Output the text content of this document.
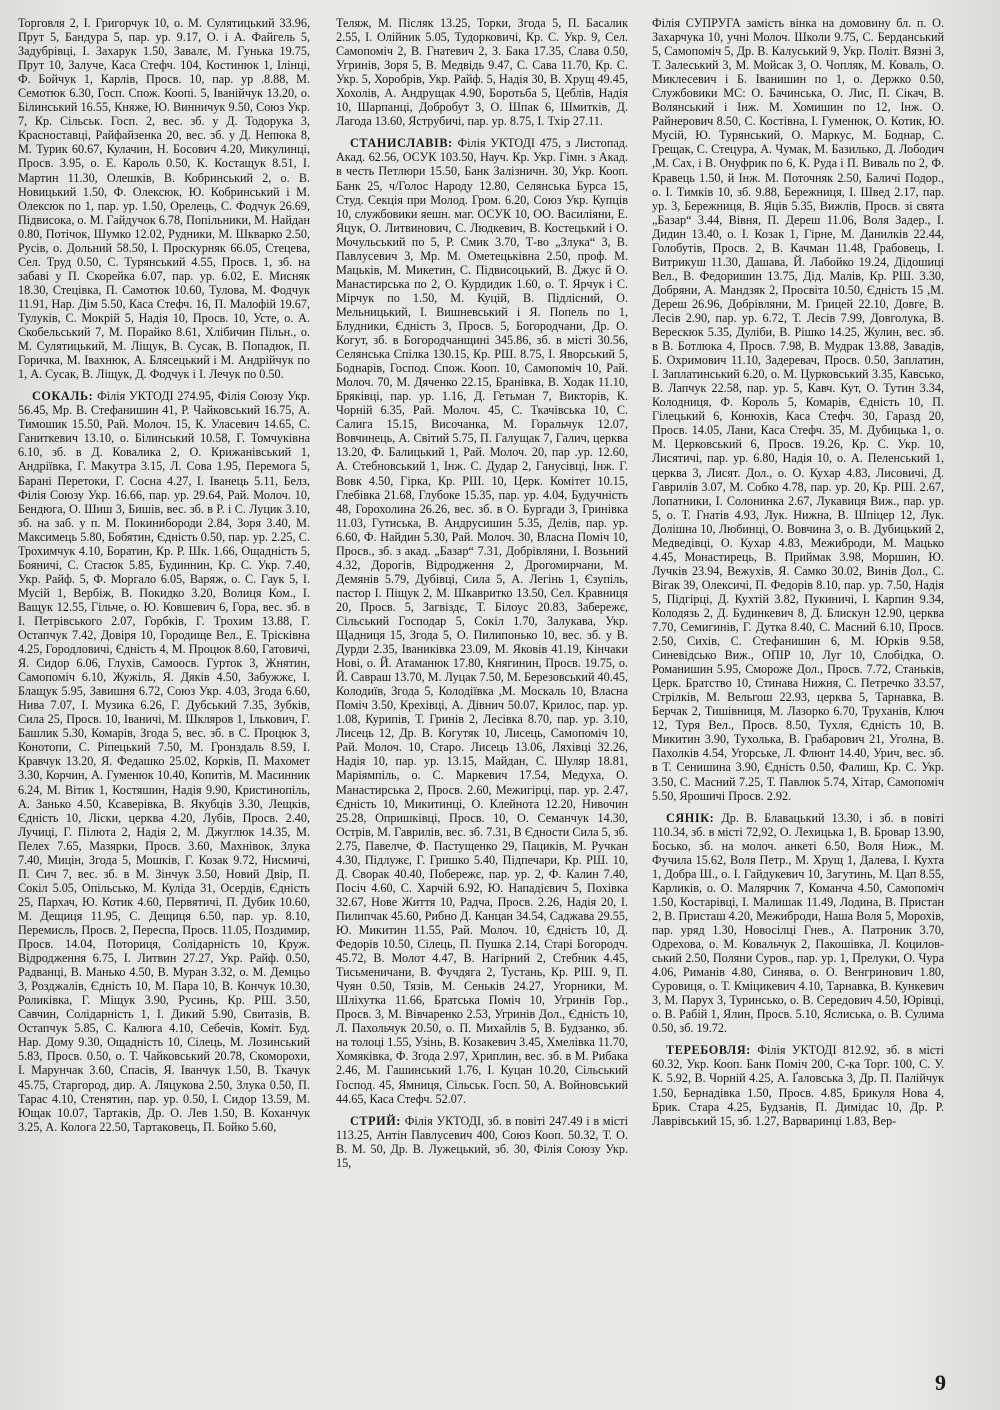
Торговля 2, І. Григорчук 10, о. М. Сулятицький 33.96, Прут 5, Бандура 5, пар. ур. 9.17, О. і А. Файгель 5, Задубрівці, І. Захарук 1.50, Завалє, М. Гунька 19.75, Прут 10, Залуче, Каса Стефч. 104, Костинюк 1, Ілінці, Ф. Бойчук 1, Карлів, Просв. 10, пар. ур .8.88, М. Семотюк 6.30, Госп. Спож. Коопі. 5, Іванійчук 13.20, о. Білинський 16.55, Княже, Ю. Винничук 9.50, Союз Укр. 7, Кр. Сільськ. Госп. 2, вес. зб. у Д. Тодорука 3, Красноставці, Райфайзенка 20, вес. зб. у Д. Непюка 8, М. Турик 60.67, Кулачин, Н. Босович 4.20, Микулинці, Просв. 3.95, о. Е. Кароль 0.50, К. Костащук 8.51, І. Мартин 11.30, Олешків, В. Кобринський 2, о. В. Новицький 1.50, Ф. Олексюк, Ю. Кобринський і М. Олексюк по 1, пар. ур. 1.50, Орелець, С. Фодчук 26.69, Підвисока, о. М. Гайдучок 6.78, Попільники, М. Найдан 0.80, Потічок, Шумко 12.02, Рудники, М. Шкварко 2.50, Русів, о. Дольний 58.50, І. Проскурняк 66.05, Стецева, Сел. Труд 0.50, С. Турянський 4.55, Просв. 1, зб. на забаві у П. Скорейка 6.07, пар. ур. 6.02, Е. Мисняк 18.30, Стецівка, П. Самотюк 10.60, Тулова, М. Фодчук 11.91, Нар. Дім 5.50, Каса Стефч. 16, П. Малофій 19.67, Тулуків, С. Мокрій 5, Надія 10, Просв. 10, Усте, о. А. Скобельський 7, М. Порайко 8.61, Хлібичин Пільн., о. М. Сулятицький, М. Ліщук, В. Сусак, В. Попадюк, П. Горичка, М. Івахнюк, А. Блясецький і М. Андрійчук по 1, А. Сусак, В. Ліщук, Д. Фодчук і І. Лечук по 0.50.

СОКАЛЬ: Філія УКТОДІ 274.95, Філія Союзу Укр. 56.45, Мр. В. Стефанишин 41, Р. Чайковський 16.75, А. Тимошик 15.50, Рай. Молоч. 15, К. Уласевич 14.65, С. Ганиткевич 13.10, о. Білинський 10.58, Г. Томчуківна 6.10, зб. в Д. Ковалика 2, О. Крижанівський 1, Андріївка, Г. Макутра 3.15, Л. Сова 1.95, Перемога 5, Барані Перетоки, Г. Сосна 4.27, І. Іванець 5.11, Белз, Філія Союзу Укр. 16.66, пар. ур. 29.64, Рай. Молоч. 10, Бендюга, О. Шиш 3, Бишів, вес. зб. в Р. і С. Луцик 3.10, зб. на заб. у п. М. Покинибороди 2.84, Зоря 3.40, М. Максимець 5.80, Бобятин, Єдність 0.50, пар. ур. 2.25, С. Трохимчук 4.10, Боратин, Кр. Р. Шк. 1.66, Ощадність 5, Бояничі, С. Стасюк 5.85, Будиннин, Кр. С. Укр. 7.40, Укр. Райф. 5, Ф. Моргало 6.05, Варяж, о. С. Гаук 5, І. Мусій 1, Вербіж, В. Покидко 3.20, Волиця Ком., І. Ващук 12.55, Гільче, о. Ю. Ковшевич 6, Гора, вес. зб. в І. Петрівського 2.07, Горбків, Г. Трохим 13.88, Г. Остапчук 7.42, Довіря 10, Городище Вел., Е. Трісківна 4.25, Городловичі, Єдність 4, М. Процюк 8.60, Гатовичі, Я. Сидор 6.06, Глухів, Самоосв. Гурток 3, Жнятин, Самопоміч 6.10, Жужіль, Я. Дяків 4.50, Забужжє, І. Блащук 5.95, Завишня 6.72, Союз Укр. 4.03, Згода 6.60, Нива 7.07, І. Музика 6.26, Г. Дубський 7.35, Зубків, Сила 25, Просв. 10, Іваничі, М. Шкляров 1, Ількович, Г. Башлик 5.30, Комарів, Згода 5, вес. зб. в С. Процюк 3, Конотопи, С. Ріпецький 7.50, М. Гронздаль 8.59, І. Кравчук 13.20, Я. Федашко 25.02, Корків, П. Махомет 3.30, Корчин, А. Гуменюк 10.40, Копитів, М. Масинник 6.24, М. Вітик 1, Костяшин, Надія 9.90, Кристинопіль, А. Занько 4.50, Ксаверівка, В. Якубців 3.30, Лещків, Єдність 10, Ліски, церква 4.20, Лубів, Просв. 2.40, Лучиці, Г. Пілюта 2, Надія 2, М. Джуглюк 14.35, М. Пелех 7.65, Мазярки, Просв. 3.60, Махнівок, Злука 7.40, Мицін, Згода 5, Мошків, Г. Козак 9.72, Нисмичі, П. Сич 7, вес. зб. в М. Зінчук 3.50, Новий Двір, П. Сокіл 5.05, Опільсько, М. Кулідa 31, Осердів, Єдність 25, Пархач, Ю. Котик 4.60, Первятичі, П. Дубик 10.60, М. Дещиця 11.95, С. Дещиця 6.50, пар. ур. 8.10, Перемисль, Просв. 2, Переспа, Просв. 11.05, Поздимир, Просв. 14.04, Поториця, Солідарність 10, Круж. Відродження 6.75, І. Литвин 27.27, Укр. Райф. 0.50, Радванці, В. Манько 4.50, В. Муран 3.32, о. М. Демцьо 3, Розджалів, Єдність 10, М. Пара 10, В. Кончук 10.30, Роликівка, Г. Міщук 3.90, Русинь, Кр. РШ. 3.50, Савчин, Солідарність 1, І. Дикий 5.90, Свитазів, В. Остапчук 5.85, С. Калюга 4.10, Себечів, Коміт. Буд. Нар. Дому 9.30, Ощадність 10, Сілець, М. Лозинський 5.83, Просв. 0.50, о. Т. Чайковський 20.78, Скоморохи, І. Марунчак 3.60, Спасів, Я. Іванчук 1.50, В. Ткачук 45.75, Старгород, дир. А. Ляцукова 2.50, Злука 0.50, П. Тарас 4.10, Стенятин, пар. ур. 0.50, І. Сидор 13.59, М. Ющак 10.07, Тартаків, Др. О. Лев 1.50, В. Коханчук 3.25, А. Кологa 22.50, Тартаковець, П. Бойко 5.60,

Теляж, М. Післяк 13.25, Торки, Згода 5, П. Басалик 2.55, І. Олійник 5.05, Тудорковичі, Кр. С. Укр. 9, Сел. Самопоміч 2, В. Гнатевич 2, З. Бака 17.35, Слава 0.50, Угринів, Зоря 5, В. Медвідь 9.47, С. Сава 11.70, Кр. С. Укр. 5, Хоробрів, Укр. Райф. 5, Надія 30, В. Хрущ 49.45, Хохолів, А. Андрущак 4.90, Боротьба 5, Цеблів, Надія 10, Шарпанці, Добробут 3, О. Шпак 6, Шмитків, Д. Лагода 13.60, Яструбичі, пар. ур. 8.75, І. Тхір 27.11.

СТАНИСЛАВІВ: Філія УКТОДІ 475, з Листопад. Акад. 62.56, ОСУК 103.50, Науч. Кр. Укр. Гімн. з Акад. в честь Петлюри 15.50, Банк Залізничн. 30, Укр. Кооп. Банк 25, ч/Голос Народу 12.80, Селянська Бурса 15, Студ. Секція при Молод. Гром. 6.20, Союз Укр. Купців 10, службовики яешн. маг. ОСУК 10, ОО. Василіяни, Е. Яцук, О. Литвинович, С. Людкевич, В. Костецький і О. Мочульський по 5, Р. Смик 3.70, Т-во „Злука“ 3, В. Павлусевич 3, Мр. М. Ометецьківна 2.50, проф. М. Мацьків, М. Микетин, С. Підвисоцький, В. Джус й О. Манастирська по 2, О. Курдидик 1.60, о. Т. Ярчук і С. Мірчук по 1.50, М. Куцій, В. Підлісний, О. Мельницький, І. Вишневський і Я. Попель по 1, Блудники, Єдність 3, Просв. 5, Богородчани, Др. О. Когут, зб. в Богородчанщині 345.86, зб. в місті 30.56, Селянська Спілка 130.15, Кр. РШ. 8.75, І. Яворський 5, Боднарів, Господ. Спож. Кооп. 10, Самопоміч 10, Рай. Молоч. 70, М. Дяченко 22.15, Бранівка, В. Ходак 11.10, Бряківці, пар. ур. 1.16, Д. Гетьман 7, Викторів, К. Чорній 6.35, Рай. Молоч. 45, С. Ткачівська 10, С. Салига 15.15, Височанка, М. Горальчук 12.07, Вовчинець, А. Світий 5.75, П. Галущак 7, Галич, церква 13.20, Ф. Балицький 1, Рай. Молоч. 20, пар .ур. 12.60, А. Стебновський 1, Інж. С. Дудар 2, Ганусівці, Інж. Г. Вовк 4.50, Гірка, Кр. РШ. 10, Церк. Комітет 10.15, Глебівка 21.68, Глубоке 15.35, пар. ур. 4.04, Будучність 48, Горохолина 26.26, вес. зб. в О. Бургади 3, Гринівка 11.03, Гутиська, В. Андрусишин 5.35, Делів, пар. ур. 6.60, Ф. Найдин 5.30, Рай. Молоч. 30, Власна Поміч 10, Просв., зб. з акад. „Базар“ 7.31, Добрівляни, І. Возьний 4.32, Дорогів, Відродження 2, Дрогомирчани, М. Демянів 5.79, Дубівці, Сила 5, А. Легінь 1, Єзупіль, пастор І. Піщук 2, М. Шкавритко 13.50, Сел. Кравниця 20, Просв. 5, Загвіздє, Т. Білоус 20.83, Забережє, Сільський Господар 5, Сокіл 1.70, Залукава, Укр. Щадниця 15, Згода 5, О. Пилипонько 10, вес. зб. у В. Дурди 2.35, Іваниківка 23.09, М. Яковів 41.19, Кінчаки Нові, о. Й. Атаманюк 17.80, Княгинин, Просв. 19.75, о. Й. Савраш 13.70, М. Луцак 7.50, М. Березовський 40.45, Колодиїв, Згода 5, Колодіївка ,М. Москаль 10, Власна Поміч 3.50, Крехівці, А. Дівнич 50.07, Крилос, пар. ур. 1.08, Курипів, Т. Гринів 2, Лесівка 8.70, пар. ур. 3.10, Лисець 12, Др. В. Когутяк 10, Лисець, Самопоміч 10, Рай. Молоч. 10, Старо. Лисець 13.06, Ляхівці 32.26, Надія 10, пар. ур. 13.15, Майдан, С. Шуляр 18.81, Маріямпіль, о. С. Маркевич 17.54, Медуха, О. Манастирська 2, Просв. 2.60, Межигірці, пар. ур. 2.47, Єдність 10, Микитинці, О. Клейнота 12.20, Нивочин 25.28, Опришківці, Просв. 10, О. Семанчук 14.30, Острів, М. Гаврилів, вес. зб. 7.31, В Єдности Сила 5, зб. 2.75, Павелче, Ф. Пастущенко 29, Пациків, М. Ручкан 4.30, Підлужє, Г. Гришко 5.40, Підпечари, Кр. РШ. 10, Д. Сворак 40.40, Побережє, пар. ур. 2, Ф. Калин 7.40, Посіч 4.60, С. Харчій 6.92, Ю. Нападієвич 5, Похівка 32.67, Нове Життя 10, Радча, Просв. 2.26, Надія 20, І. Пилипчак 45.60, Рибно Д. Канцан 34.54, Саджава 29.55, Ю. Микитин 11.55, Рай. Молоч. 10, Єдність 10, Д. Федорів 10.50, Сілець, П. Пушка 2.14, Старі Богородч. 45.72, В. Молот 4.47, В. Нагірний 2, Стебник 4.45, Тисьменичани, В. Фучдяга 2, Тустань, Кр. РШ. 9, П. Чуян 0.50, Тязів, М. Сеньків 24.27, Угорники, М. Шліхутка 11.66, Братська Поміч 10, Угринів Гор., Просв. 3, М. Вівчаренко 2.53, Угринів Дол., Єдність 10, Л. Пахольчук 20.50, о. П. Михайлів 5, В. Будзанко, зб. на толоці 1.55, Узінь, В. Козакевич 3.45, Хмелівка 11.70, Хомяківка, Ф. Згода 2.97, Хриплин, вес. зб. в М. Рибака 2.46, М. Гашинський 1.76, І. Куцан 10.20, Сільський Господ. 45, Ямниця, Сільськ. Госп. 50, А. Войновський 44.65, Каса Стефч. 52.07.

СТРИЙ: Філія УКТОДІ, зб. в повіті 247.49 і в місті 113.25, Антін Павлусевич 400, Союз Кооп. 50.32, Т. О. В. М. 50, Др. В. Лужецький, зб. 30, Філія Союзу Укр. 15,

Філія СУПРУГА замість вінка на домовину бл. п. О. Захарчука 10, учні Молоч. Школи 9.75, С. Берданський 5, Самопоміч 5, Др. В. Калуський 9, Укр. Політ. Вязні 3, Т. Залеський 3, М. Мойсак 3, О. Чопляк, М. Коваль, О. Миклесевич і Б. Іванишин по 1, о. Держко 0.50, Службовики МС: О. Бачинська, О. Лис, П. Сікач, В. Волянський і Інж. М. Хомишин по 12, Інж. О. Райнерович 8.50, С. Костівна, І. Гуменюк, О. Котик, Ю. Мусій, Ю. Турянський, О. Маркус, М. Боднар, С. Грещак, С. Стецура, А. Чумак, М. Базилько, Д. Лободич ,М. Сах, і В. Онуфрик по 6, К. Руда і П. Виваль по 2, Ф. Кравець 1.50, й Інж. М. Поточняк 2.50, Баличі Подор., о. І. Тимків 10, зб. 9.88, Бережниця, І. Швед 2.17, пар. ур. 3, Бережниця, В. Яців 5.35, Вижлів, Просв. зі свята „Базар“ 3.44, Вівня, П. Дереш 11.06, Воля Задер., І. Дидин 13.40, о. І. Козак 1, Гірне, М. Данилків 22.44, Голобутів, Просв. 2, В. Качман 11.48, Грабовець, І. Витрикуш 11.30, Дашава, Й. Лабойко 19.24, Дідошиці Вел., В. Федоришин 13.75, Дід. Малів, Кр. РШ. 3.30, Добряни, А. Мандзяк 2, Просвіта 10.50, Єдність 15 ,М. Дереш 26.96, Добрівляни, М. Грицей 22.10, Довге, В. Лесів 2.90, пар. ур. 6.72, Т. Лесів 7.99, Довголука, В. Верескюк 5.35, Дуліби, В. Рішко 14.25, Жулин, вес. зб. в В. Ботлюка 4, Просв. 7.98, В. Мудрак 13.88, Завадів, Б. Охримович 11.10, Задеревач, Просв. 0.50, Заплатин, І. Заплатинський 6.20, о. М. Цурковський 3.35, Кавсько, В. Лапчук 22.58, пар. ур. 5, Кавч. Кут, О. Тутин 3.34, Колодниця, Ф. Король 5, Комарів, Єдність 10, П. Гілецький 6, Конюхів, Каса Стефч. 30, Гаразд 20, Просв. 14.05, Лани, Каса Стефч. 35, М. Дубицька 1, о. М. Церковський 6, Просв. 19.26, Кр. С. Укр. 10, Лисятичі, пар. ур. 6.80, Надія 10, о. А. Пеленський 1, церква 3, Лисят. Дол., о. О. Кухар 4.83, Лисовичі, Д. Гаврилів 3.07, М. Собко 4.78, пар. ур. 20, Кр. РШ. 2.67, Лопатники, І. Солонинка 2.67, Лукавиця Виж., пар. ур. 5, о. Т. Гнатів 4.93, Лук. Нижна, В. Шпіцер 12, Лук. Долішна 10, Любинці, О. Вовчина 3, о. В. Дубицький 2, Медведівці, О. Кухар 4.83, Межиброди, М. Мацько 4.45, Монастирець, В. Приймак 3.98, Моршин, Ю. Лучків 23.94, Вежухів, Я. Самко 30.02, Винів Дол., С. Вігак 39, Олексичі, П. Федорів 8.10, пар. ур. 7.50, Надія 5, Підгірці, Д. Кухтій 3.82, Пукиничі, І. Карпин 9.34, Колодязь 2, Д. Будинкевич 8, Д. Блискун 12.90, церква 7.70, Семигинів, Г. Дутка 8.40, С. Масний 6.10, Просв. 2.50, Сихів, С. Стефанишин 6, М. Юрків 9.58, Синевідсько Виж., ОПІР 10, Луг 10, Слобідка, О. Романишин 5.95, Смороже Дол., Просв. 7.72, Станьків, Церк. Братство 10, Стинава Нижня, С. Петречко 33.57, Стрілків, М. Вельгош 22.93, церква 5, Тарнавка, В. Берчак 2, Тишівниця, М. Лазорко 6.70, Труханів, Ключ 12, Туря Вел., Просв. 8.50, Тухля, Єдність 10, В. Микитин 3.90, Тухолька, В. Грабарович 21, Уголна, В. Пахолків 4.54, Угорське, Л. Флюнт 14.40, Урич, вес. зб. в Т. Сенишина 3.90, Єдність 0.50, Фалиш, Кр. С. Укр. 3.50, С. Масний 7.25, Т. Павлюк 5.74, Хітар, Самопоміч 5.50, Ярошичі Просв. 2.92.

СЯНІК: Др. В. Блавацький 13.30, і зб. в повіті 110.34, зб. в місті 72,92, О. Лехицька 1, В. Бровар 13.90, Босько, зб. на молоч. анкеті 6.50, Воля Ниж., М. Фучила 15.62, Воля Петр., М. Хрущ 1, Далева, І. Кухта 1, Добра Ш., о. І. Гайдукевич 10, Загутинь, М. Цап 8.55, Карликів, о. О. Малярчик 7, Команча 4.50, Самопоміч 1.50, Костарівці, І. Малишак 11.49, Лодина, В. Пристан 2, В. Присташ 4.20, Межиброди, Наша Воля 5, Морохів, пар. уряд 1.30, Новосілці Гнев., А. Патроник 3.70, Одрехова, о. М. Ковальчук 2, Пакошівка, Л. Коциловський 2.50, Поляни Суров., пар. ур. 1, Прелуки, О. Чура 4.06, Риманів 4.80, Синява, о. О. Венгринович 1.80, Суровиця, о. Т. Кміцикевич 4.10, Тарнавка, В. Кункевич 3, М. Парух 3, Туринсько, о. В. Середович 4.50, Юрівці, о. В. Рабій 1, Ялин, Просв. 5.10, Яслиська, о. В. Сулима 0.50, зб. 19.72.

ТЕРЕБОВЛЯ: Філія УКТОДІ 812.92, зб. в місті 60.32, Укр. Кооп. Банк Поміч 200, С-ка Торг. 100, С. У. К. 5.92, В. Чорній 4.25, А. Ґаловська 3, Др. П. Палійчук 1.50, Бернадівка 1.50, Просв. 4.85, Брикуля Нова 4, Брик. Стара 4.25, Будзанів, П. Димідас 10, Др. Р. Лаврівський 15, зб. 1.27, Варваринці 1.83, Вер-

9
